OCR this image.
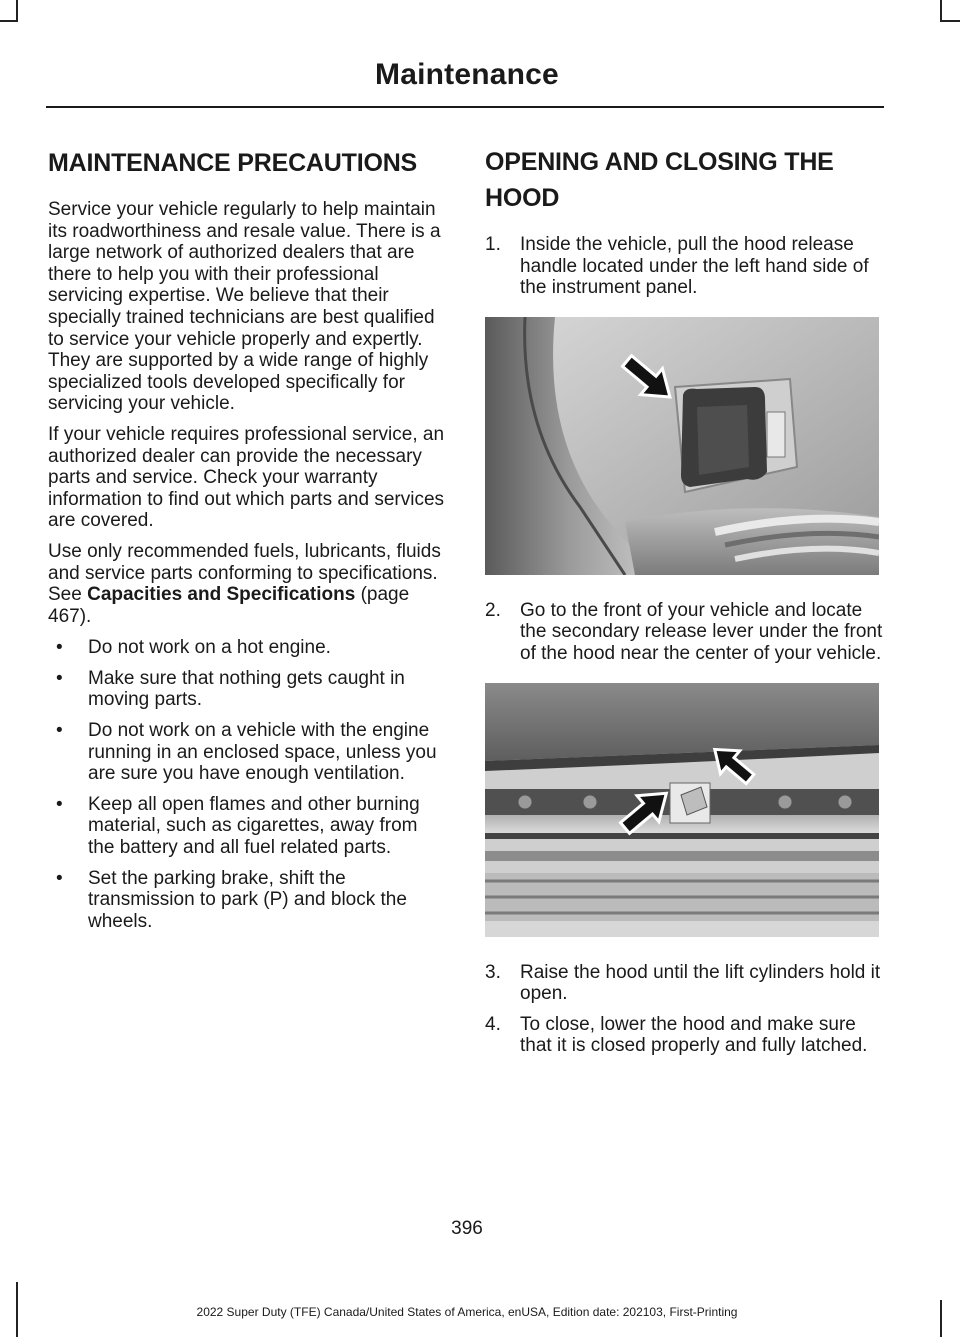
Maintenance
MAINTENANCE PRECAUTIONS

Service your vehicle regularly to help maintain its roadworthiness and resale value. There is a large network of authorized dealers that are there to help you with their professional servicing expertise. We believe that their specially trained technicians are best qualified to service your vehicle properly and expertly. They are supported by a wide range of highly specialized tools developed specifically for servicing your vehicle.

If your vehicle requires professional service, an authorized dealer can provide the necessary parts and service. Check your warranty information to find out which parts and services are covered.

Use only recommended fuels, lubricants, fluids and service parts conforming to specifications. See Capacities and Specifications (page 467).

• Do not work on a hot engine.
• Make sure that nothing gets caught in moving parts.
• Do not work on a vehicle with the engine running in an enclosed space, unless you are sure you have enough ventilation.
• Keep all open flames and other burning material, such as cigarettes, away from the battery and all fuel related parts.
• Set the parking brake, shift the transmission to park (P) and block the wheels.
OPENING AND CLOSING THE HOOD
1. Inside the vehicle, pull the hood release handle located under the left hand side of the instrument panel.
2. Go to the front of your vehicle and locate the secondary release lever under the front of the hood near the center of your vehicle.
3. Raise the hood until the lift cylinders hold it open.
4. To close, lower the hood and make sure that it is closed properly and fully latched.
396
2022 Super Duty (TFE) Canada/United States of America, enUSA, Edition date: 202103, First-Printing
